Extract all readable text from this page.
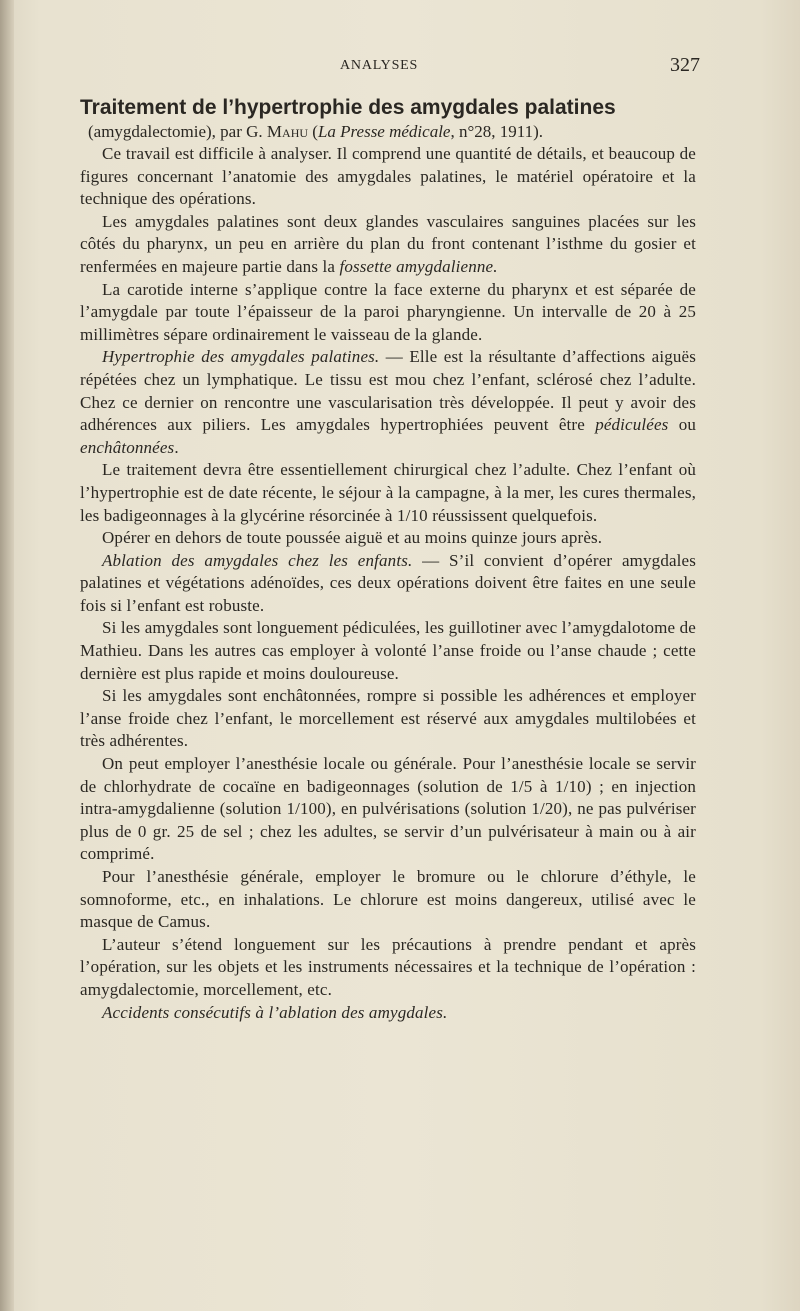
ANALYSES	327
Traitement de l’hypertrophie des amygdales palatines

(amygdalectomie), par G. Mahu (La Presse médicale, n°28, 1911).

Ce travail est difficile à analyser. Il comprend une quantité de détails, et beaucoup de figures concernant l’anatomie des amygdales palatines, le matériel opératoire et la technique des opérations.

Les amygdales palatines sont deux glandes vasculaires sanguines placées sur les côtés du pharynx, un peu en arrière du plan du front contenant l’isthme du gosier et renfermées en majeure partie dans la fossette amygdalienne.

La carotide interne s’applique contre la face externe du pharynx et est séparée de l’amygdale par toute l’épaisseur de la paroi pharyngienne. Un intervalle de 20 à 25 millimètres sépare ordinairement le vaisseau de la glande.

Hypertrophie des amygdales palatines. — Elle est la résultante d’affections aiguës répétées chez un lymphatique. Le tissu est mou chez l’enfant, sclérosé chez l’adulte. Chez ce dernier on rencontre une vascularisation très développée. Il peut y avoir des adhérences aux piliers. Les amygdales hypertrophiées peuvent être pédiculées ou enchâtonnées.

Le traitement devra être essentiellement chirurgical chez l’adulte. Chez l’enfant où l’hypertrophie est de date récente, le séjour à la campagne, à la mer, les cures thermales, les badigeonnages à la glycérine résorcinée à 1/10 réussissent quelquefois.

Opérer en dehors de toute poussée aiguë et au moins quinze jours après.

Ablation des amygdales chez les enfants. — S’il convient d’opérer amygdales palatines et végétations adénoïdes, ces deux opérations doivent être faites en une seule fois si l’enfant est robuste.

Si les amygdales sont longuement pédiculées, les guillotiner avec l’amygdalotome de Mathieu. Dans les autres cas employer à volonté l’anse froide ou l’anse chaude ; cette dernière est plus rapide et moins douloureuse.

Si les amygdales sont enchâtonnées, rompre si possible les adhérences et employer l’anse froide chez l’enfant, le morcellement est réservé aux amygdales multilobées et très adhérentes.

On peut employer l’anesthésie locale ou générale. Pour l’anesthésie locale se servir de chlorhydrate de cocaïne en badigeonnages (solution de 1/5 à 1/10) ; en injection intra-amygdalienne (solution 1/100), en pulvérisations (solution 1/20), ne pas pulvériser plus de 0 gr. 25 de sel ; chez les adultes, se servir d’un pulvérisateur à main ou à air comprimé.

Pour l’anesthésie générale, employer le bromure ou le chlorure d’éthyle, le somnoforme, etc., en inhalations. Le chlorure est moins dangereux, utilisé avec le masque de Camus.

L’auteur s’étend longuement sur les précautions à prendre pendant et après l’opération, sur les objets et les instruments nécessaires et la technique de l’opération : amygdalectomie, morcellement, etc.

Accidents consécutifs à l’ablation des amygdales.
